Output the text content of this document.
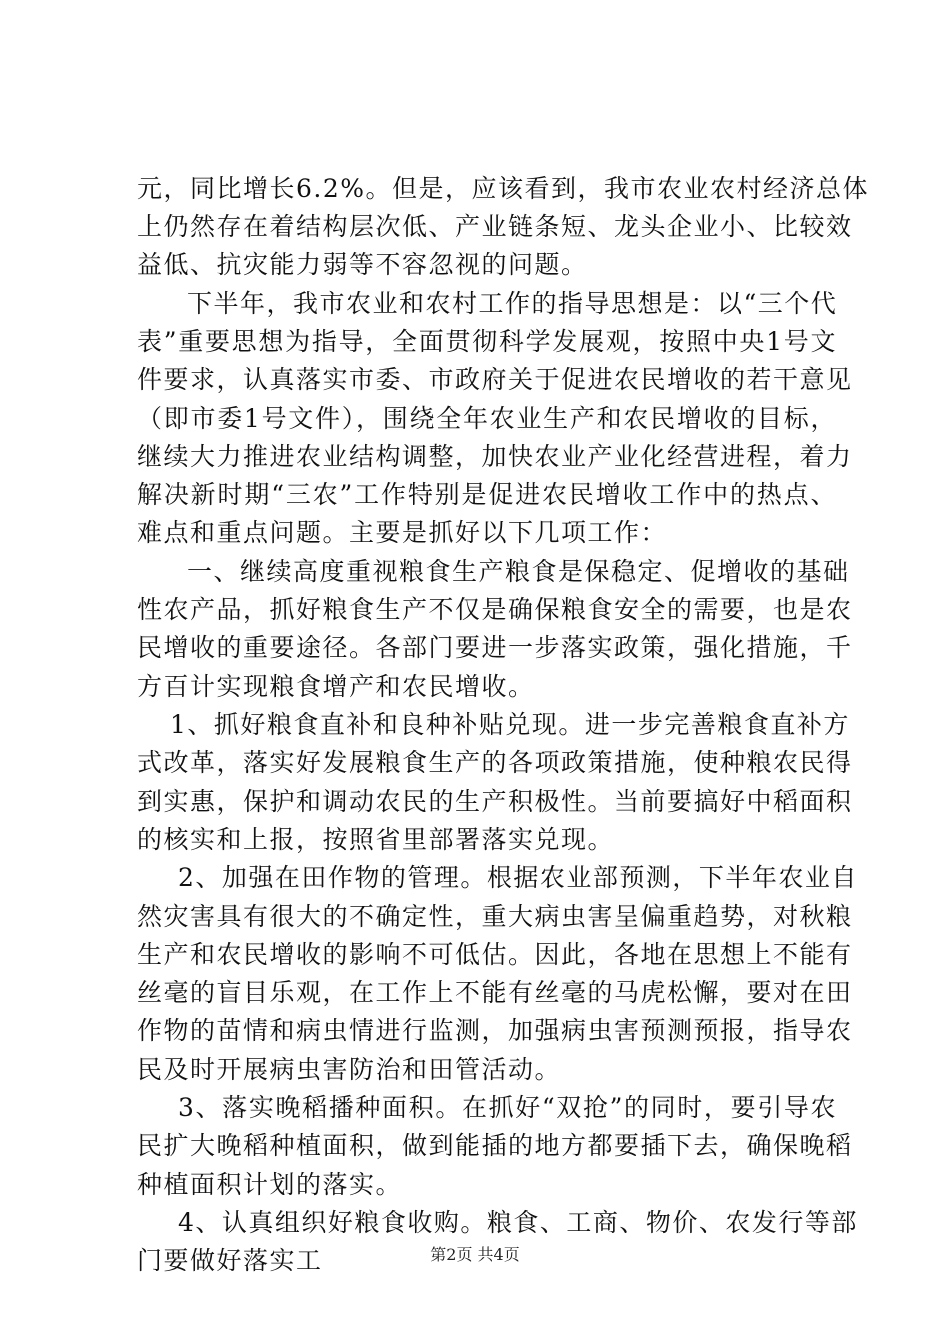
元，同比增长6.2%。但是，应该看到，我市农业农村经济总体
上仍然存在着结构层次低、产业链条短、龙头企业小、比较效
益低、抗灾能力弱等不容忽视的问题。
下半年，我市农业和农村工作的指导思想是：以“三个代
表”重要思想为指导，全面贯彻科学发展观，按照中央1号文
件要求，认真落实市委、市政府关于促进农民增收的若干意见
（即市委1号文件），围绕全年农业生产和农民增收的目标，
继续大力推进农业结构调整，加快农业产业化经营进程，着力
解决新时期“三农”工作特别是促进农民增收工作中的热点、
难点和重点问题。主要是抓好以下几项工作：
一、继续高度重视粮食生产粮食是保稳定、促增收的基础
性农产品，抓好粮食生产不仅是确保粮食安全的需要，也是农
民增收的重要途径。各部门要进一步落实政策，强化措施，千
方百计实现粮食增产和农民增收。
1、抓好粮食直补和良种补贴兑现。进一步完善粮食直补方
式改革，落实好发展粮食生产的各项政策措施，使种粮农民得
到实惠，保护和调动农民的生产积极性。当前要搞好中稻面积
的核实和上报，按照省里部署落实兑现。
2、加强在田作物的管理。根据农业部预测，下半年农业自
然灾害具有很大的不确定性，重大病虫害呈偏重趋势，对秋粮
生产和农民增收的影响不可低估。因此，各地在思想上不能有
丝毫的盲目乐观，在工作上不能有丝毫的马虎松懈，要对在田
作物的苗情和病虫情进行监测，加强病虫害预测预报，指导农
民及时开展病虫害防治和田管活动。
3、落实晚稻播种面积。在抓好“双抢”的同时，要引导农
民扩大晚稻种植面积，做到能插的地方都要插下去，确保晚稻
种植面积计划的落实。
4、认真组织好粮食收购。粮食、工商、物价、农发行等部
门要做好落实工	第2页 共4页
